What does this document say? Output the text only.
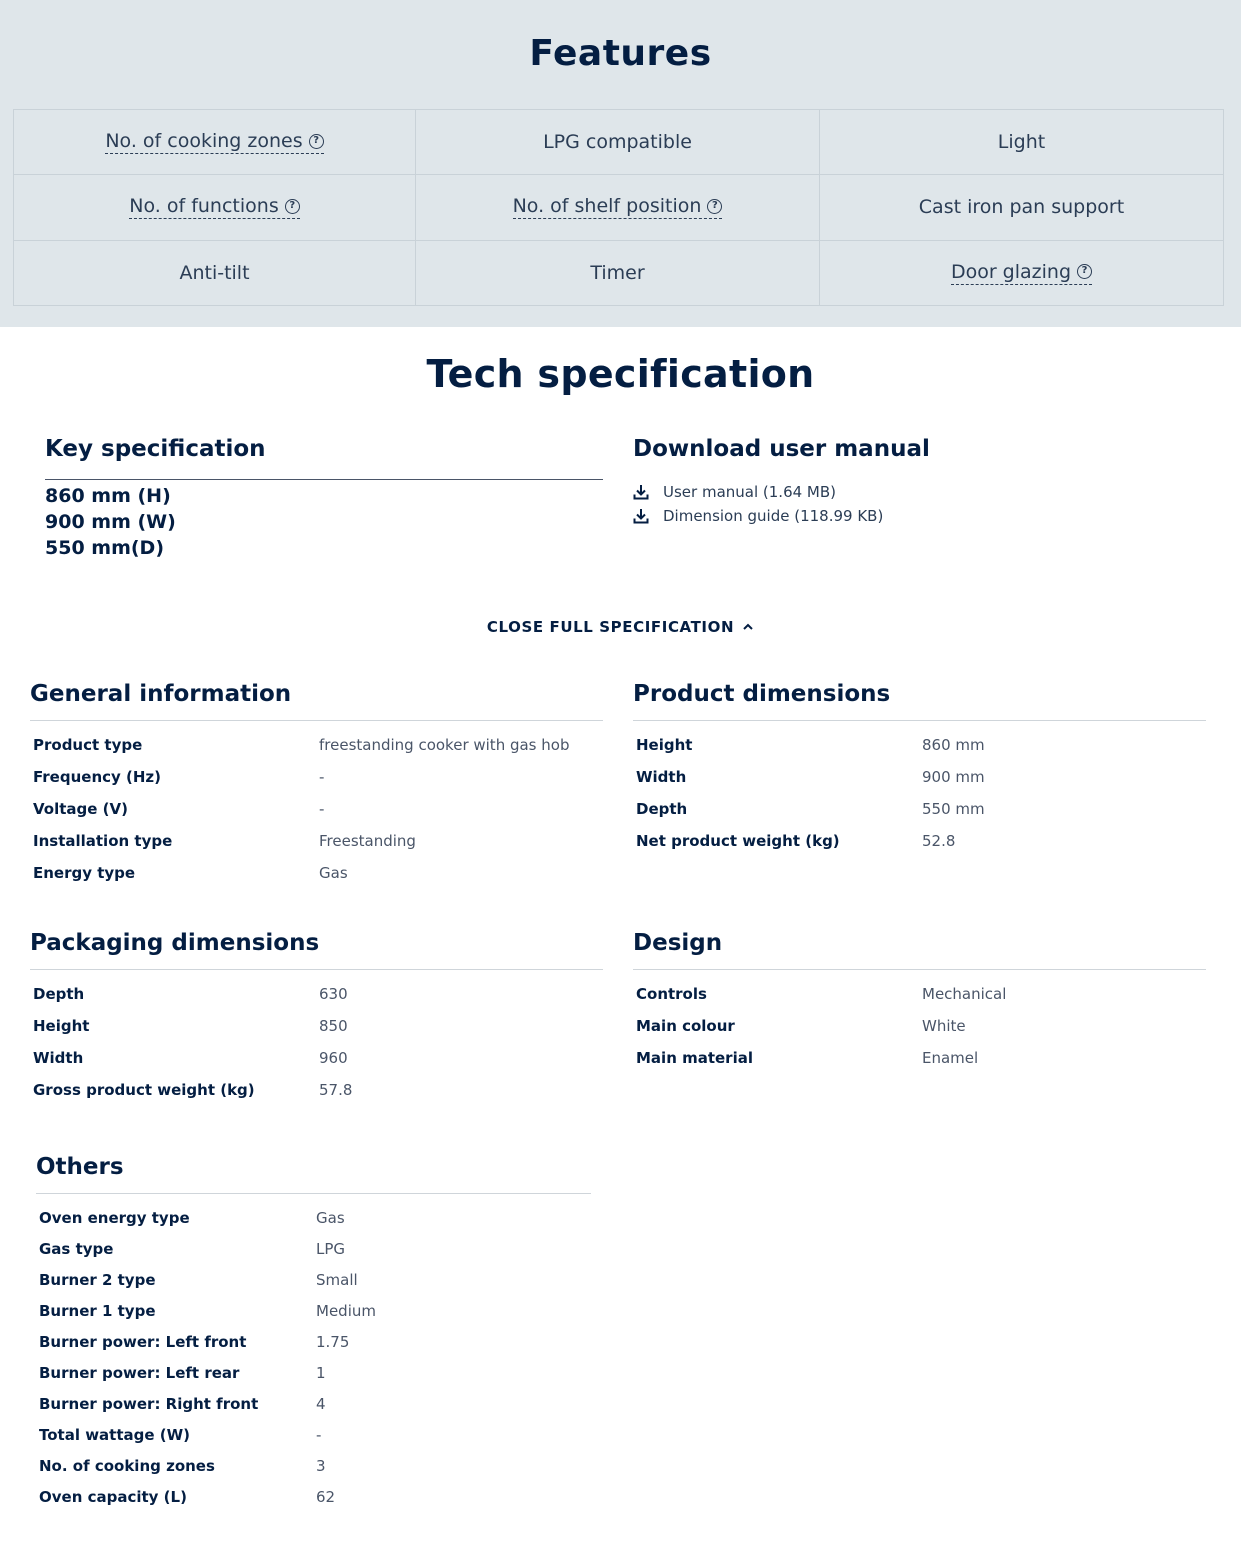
Features
No. of cooking zones	?	LPG compatible	Light
No. of functions	?	No. of shelf position	?	Cast iron pan support
Anti-tilt	Timer	Door glazing	?
Tech specification
Key specification
860 mm (H)
900 mm (W)
550 mm(D)
Download user manual
User manual (1.64 MB)
Dimension guide (118.99 KB)
CLOSE FULL SPECIFICATION
General information
Product type	freestanding cooker with gas hob
Frequency (Hz)	-
Voltage (V)	-
Installation type	Freestanding
Energy type	Gas
Product dimensions
Height	860 mm
Width	900 mm
Depth	550 mm
Net product weight (kg)	52.8
Packaging dimensions
Depth	630
Height	850
Width	960
Gross product weight (kg)	57.8
Design
Controls	Mechanical
Main colour	White
Main material	Enamel
Others
Oven energy type	Gas
Gas type	LPG
Burner 2 type	Small
Burner 1 type	Medium
Burner power: Left front	1.75
Burner power: Left rear	1
Burner power: Right front	4
Total wattage (W)	-
No. of cooking zones	3
Oven capacity (L)	62
